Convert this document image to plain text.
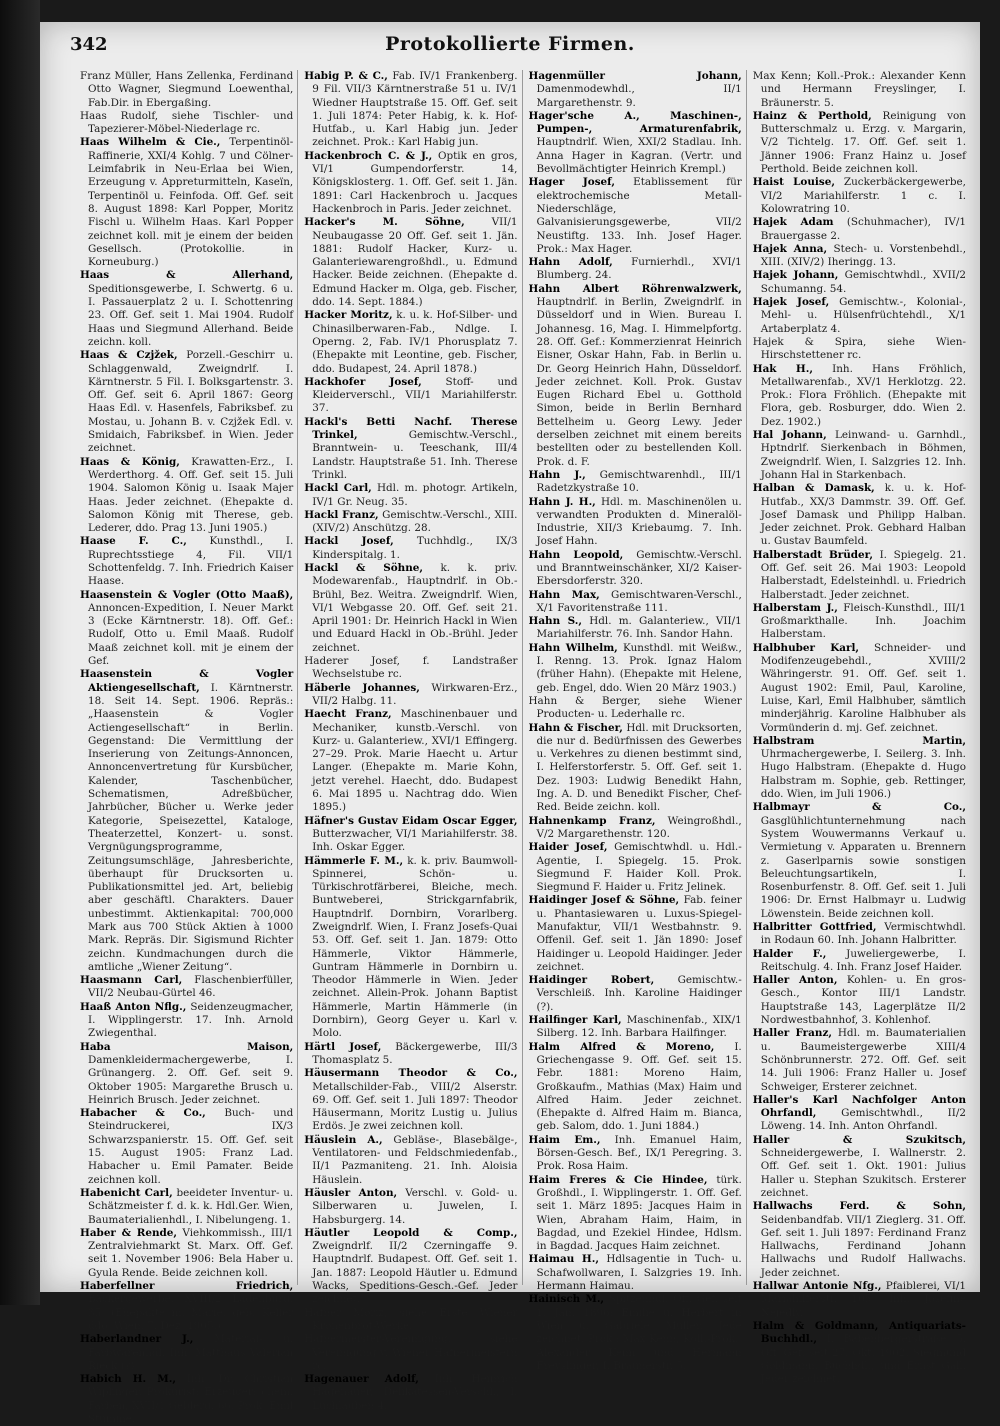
342	Protokollierte Firmen.

Franz Müller, Hans Zellenka, Ferdinand Otto Wagner, Siegmund Loewenthal, Fab.Dir. in Ebergaßing.

Haas Rudolf, siehe Tischler- und Tapezierer-Möbel-Niederlage rc.

Haas Wilhelm & Cie., Terpentinöl-Raffinerie, XXI/4 Kohlg. 7 und Cölner-Leimfabrik in Neu-Erlaa bei Wien, Erzeugung v. Appreturmitteln, Kaseïn, Terpentinöl u. Feinfoda. Off. Gef. seit 8. August 1898: Karl Popper, Moritz Fischl u. Wilhelm Haas. Karl Popper zeichnet koll. mit je einem der beiden Gesellsch. (Protokollie. in Korneuburg.)

Haas & Allerhand, Speditionsgewerbe, I. Schwertg. 6 u. I. Passauerplatz 2 u. I. Schottenring 23. Off. Gef. seit 1. Mai 1904. Rudolf Haas und Siegmund Allerhand. Beide zeichn. koll.

Haas & Czjžek, Porzell.-Geschirr u. Schlaggenwald, Zweigndrlf. I. Kärntnerstr. 5 Fil. I. Bolksgartenstr. 3. Off. Gef. seit 6. April 1867: Georg Haas Edl. v. Hasenfels, Fabriksbef. zu Mostau, u. Johann B. v. Czjžek Edl. v. Smidaich, Fabriksbef. in Wien. Jeder zeichnet.

Haas & König, Krawatten-Erz., I. Werderthorg. 4. Off. Gef. seit 15. Juli 1904. Salomon König u. Isaak Majer Haas. Jeder zeichnet. (Ehepakte d. Salomon König mit Therese, geb. Lederer, ddo. Prag 13. Juni 1905.)

Haase F. C., Kunsthdl., I. Ruprechtsstiege 4, Fil. VII/1 Schottenfeldg. 7. Inh. Friedrich Kaiser Haase.

Haasenstein & Vogler (Otto Maaß), Annoncen-Expedition, I. Neuer Markt 3 (Ecke Kärntnerstr. 18). Off. Gef.: Rudolf, Otto u. Emil Maaß. Rudolf Maaß zeichnet koll. mit je einem der Gef.

Haasenstein & Vogler Aktiengesellschaft, I. Kärntnerstr. 18. Seit 14. Sept. 1906. Repräs.: „Haasenstein & Vogler Actiengesellschaft“ in Berlin. Gegenstand: Die Vermittlung der Inserierung von Zeitungs-Annoncen, Annoncenvertretung für Kursbücher, Kalender, Taschenbücher, Schematismen, Adreßbücher, Jahrbücher, Bücher u. Werke jeder Kategorie, Speisezettel, Kataloge, Theaterzettel, Konzert- u. sonst. Vergnügungsprogramme, Zeitungsumschläge, Jahresberichte, überhaupt für Drucksorten u. Publikationsmittel jed. Art, beliebig aber geschäftl. Charakters. Dauer unbestimmt. Aktienkapital: 700,000 Mark aus 700 Stück Aktien à 1000 Mark. Repräs. Dir. Sigismund Richter zeichn. Kundmachungen durch die amtliche „Wiener Zeitung“.

Haasmann Carl, Flaschenbierfüller, VII/2 Neubau-Gürtel 46.

Haaß Anton Nflg., Seidenzeugmacher, I. Wipplingerstr. 17. Inh. Arnold Zwiegenthal.

Haba Maison, Damenkleidermachergewerbe, I. Grünangerg. 2. Off. Gef. seit 9. Oktober 1905: Margarethe Brusch u. Heinrich Brusch. Jeder zeichnet.

Habacher & Co., Buch- und Steindruckerei, IX/3 Schwarzspanierstr. 15. Off. Gef. seit 15. August 1905: Franz Lad. Habacher u. Emil Pamater. Beide zeichnen koll.

Habenicht Carl, beeideter Inventur- u. Schätzmeister f. d. k. k. Hdl.Ger. Wien, Baumaterialienhdl., I. Nibelungeng. 1.

Haber & Rende, Viehkommissh., III/1 Zentralviehmarkt St. Marx. Off. Gef. seit 1. November 1906: Bela Haber u. Gyula Rende. Beide zeichnen koll.

Haberfellner Friedrich, Bäckergewerbe, XVIII/2 Ladenburg. 35. (Ehepakte m. Marie, geb. Keller ddo. Wien, 7. Dez. 1905.)

Haberlandner J., Material- u. Farbwarenhdl. Inh. Matthäus Valerian Rieck (?).

Habich H. M., Inh. Dr. Christian Wiplinger, Prokurist: Erzeuger: chem. Farben, XVII/1 Geblerg. 66. Prok. Emil Stumme.

Habig P. & C., Fab. IV/1 Frankenberg. 9 Fil. VII/3 Kärntnerstraße 51 u. IV/1 Wiedner Hauptstraße 15. Off. Gef. seit 1. Juli 1874: Peter Habig, k. k. Hof-Hutfab., u. Karl Habig jun. Jeder zeichnet. Prok.: Karl Habig jun.

Hackenbroch C. & J., Optik en gros, VI/1 Gumpendorferstr. 14, Königsklosterg. 1. Off. Gef. seit 1. Jän. 1891: Carl Hackenbroch u. Jacques Hackenbroch in Paris. Jeder zeichnet.

Hacker's M. Söhne,	VII/1 Neubaugasse 20 Off. Gef. seit 1. Jän. 1881: Rudolf Hacker, Kurz- u. Galanteriewarengroßhdl., u. Edmund Hacker. Beide zeichnen. (Ehepakte d. Edmund Hacker m. Olga, geb. Fischer, ddo. 14. Sept. 1884.)

Hacker Moritz, k. u. k. Hof-Silber- und Chinasilberwaren-Fab., Ndlge. I. Operng. 2, Fab. IV/1 Phorusplatz 7. (Ehepakte mit Leontine, geb. Fischer, ddo. Budapest, 24. April 1878.)

Hackhofer Josef, Stoff- und Kleiderverschl., VII/1 Mariahilferstr. 37.

Hackl's Betti Nachf. Therese Trinkel,	Gemischtw.-Verschl., Branntwein- u. Teeschank, III/4 Landstr. Hauptstraße 51. Inh. Therese Trinkl.

Hackl Carl, Hdl. m. photogr. Artikeln, IV/1 Gr. Neug. 35.

Hackl Franz, Gemischtw.-Verschl., XIII. (XIV/2) Anschützg. 28.

Hackl Josef, Tuchhdlg., IX/3 Kinderspitalg. 1.

Hackl & Söhne, k. k. priv. Modewarenfab., Hauptndrlf. in Ob.-Brühl, Bez. Weitra. Zweigndrlf. Wien, VI/1 Webgasse 20. Off. Gef. seit 21. April 1901: Dr. Heinrich Hackl in Wien und Eduard Hackl in Ob.-Brühl. Jeder zeichnet.

Haderer Josef, f. Landstraßer Wechselstube rc.

Häberle Johannes, Wirkwaren-Erz., VII/2 Halbg. 11.

Haecht Franz, Maschinenbauer und Mechaniker, kunstb.-Verschl. von Kurz- u. Galanteriew., XVI/1 Effingerg. 27–29. Prok. Marie Haecht u. Artur Langer. (Ehepakte m. Marie Kohn, jetzt verehel. Haecht, ddo. Budapest 6. Mai 1895 u. Nachtrag ddo. Wien 1895.)

Häfner's Gustav Eidam Oscar Egger, Butterzwacher, VI/1 Mariahilferstr. 38. Inh. Oskar Egger.

Hämmerle F. M., k. k. priv. Baumwoll-Spinnerei, Schön- u. Türkischrotfärberei, Bleiche, mech. Buntweberei, Strickgarnfabrik, Hauptndrlf. Dornbirn, Vorarlberg. Zweigndrlf. Wien, I. Franz Josefs-Quai 53. Off. Gef. seit 1. Jan. 1879: Otto Hämmerle, Viktor Hämmerle, Guntram Hämmerle in Dornbirn u. Theodor Hämmerle in Wien. Jeder zeichnet. Allein-Prok. Johann Baptist Hämmerle, Martin Hämmerle (in Dornbirn), Georg Geyer u. Karl v. Molo.

Härtl Josef, Bäckergewerbe, III/3 Thomasplatz 5.

Häusermann Theodor & Co., Metallschilder-Fab., VIII/2 Alserstr. 69. Off. Gef. seit 1. Juli 1897: Theodor Häusermann, Moritz Lustig u. Julius Erdös. Je zwei zeichnen koll.

Häuslein A., Gebläse-, Blasebälge-, Ventilatoren- und Feldschmiedenfab., II/1 Pazmaniteng. 21. Inh. Aloisia Häuslein.

Häusler Anton, Verschl. v. Gold- u. Silberwaren u. Juwelen, I. Habsburgerg. 14.

Häutler Leopold & Comp., Zweigndrlf. II/2 Czerningaffe 9. Hauptndrlf. Budapest. Off. Gef. seit 1. Jan. 1887: Leopold Häutler u. Edmund Wacks, Speditions-Gesch.-Gef. Jeder zeichnet.

Hafner Moriz, siehe Erste Wiener Kronenbrot-Werke.

Hafnermeister-Vereinigung, siehe Vereinigung v. Wiener Hafnermeistern rc.

Hagenauer Adolf, Inh. Heinrich Hagenauer, Delikatessen-Verschl., I. Luchlauben 4.

Hagenmüller Johann, Damenmodewhdl., II/1 Margarethenstr. 9.

Hager'sche A., Maschinen-, Pumpen-, Armaturenfabrik, Hauptndrlf. Wien, XXI/2 Stadlau. Inh. Anna Hager in Kagran. (Vertr. und Bevollmächtigter Heinrich Krempl.)

Hager Josef, Etablissement für elektrochemische Metall-Niederschläge, Galvanisierungsgewerbe, VII/2 Neustiftg. 133. Inh. Josef Hager. Prok.: Max Hager.

Hahn Adolf, Furnierhdl., XVI/1 Blumberg. 24.

Hahn Albert Röhrenwalzwerk, Hauptndrlf. in Berlin, Zweigndrlf. in Düsseldorf und in Wien. Bureau I. Johannesg. 16, Mag. I. Himmelpfortg. 28. Off. Gef.: Kommerzienrat Heinrich Eisner, Oskar Hahn, Fab. in Berlin u. Dr. Georg Heinrich Hahn, Düsseldorf. Jeder zeichnet. Koll. Prok. Gustav Eugen Richard Ebel u. Gotthold Simon, beide in Berlin Bernhard Bettelheim u. Georg Lewy. Jeder derselben zeichnet mit einem bereits bestellten oder zu bestellenden Koll. Prok. d. F.

Hahn J., Gemischtwarenhdl., III/1 Radetzkystraße 10.

Hahn J. H., Hdl. m. Maschinenölen u. verwandten Produkten d. Mineralöl-Industrie, XII/3 Kriebaumg. 7. Inh. Josef Hahn.

Hahn Leopold, Gemischtw.-Verschl. und Branntweinschänker, XI/2 Kaiser-Ebersdorferstr. 320.

Hahn Max, Gemischtwaren-Verschl., X/1 Favoritenstraße 111.

Hahn S., Hdl. m. Galanteriew., VII/1 Mariahilferstr. 76. Inh. Sandor Hahn.

Hahn Wilhelm, Kunsthdl. mit Weißw., I. Renng. 13. Prok. Ignaz Halom (früher Hahn). (Ehepakte mit Helene, geb. Engel, ddo. Wien 20 März 1903.)

Hahn & Berger, siehe Wiener Producten- u. Lederhalle rc.

Hahn & Fischer, Hdl. mit Drucksorten, die nur d. Bedürfnissen des Gewerbes u. Verkehres zu dienen bestimmt sind, I. Helferstorferstr. 5. Off. Gef. seit 1. Dez. 1903: Ludwig Benedikt Hahn, Ing. A. D. und Benedikt Fischer, Chef-Red. Beide zeichn. koll.

Hahnenkamp Franz, Weingroßhdl., V/2 Margarethenstr. 120.

Haider Josef, Gemischtwhdl. u. Hdl.-Agentie, I. Spiegelg. 15. Prok. Siegmund F. Haider Koll. Prok. Siegmund F. Haider u. Fritz Jelinek.

Haidinger Josef & Söhne, Fab. feiner u. Phantasiewaren u. Luxus-Spiegel-Manufaktur, VII/1 Westbahnstr. 9. Offenil. Gef. seit 1. Jän 1890: Josef Haidinger u. Leopold Haidinger. Jeder zeichnet.

Haidinger Robert, Gemischtw.-Verschleiß. Inh. Karoline Haidinger (?).

Hailfinger Karl, Maschinenfab., XIX/1 Silberg. 12. Inh. Barbara Hailfinger.

Halm Alfred & Moreno, I. Griechengasse 9. Off. Gef. seit 15. Febr. 1881: Moreno Haim, Großkaufm., Mathias (Max) Haim und Alfred Haim. Jeder zeichnet. (Ehepakte d. Alfred Haim m. Bianca, geb. Salom, ddo. 1. Juni 1884.)

Haim Em., Inh. Emanuel Haim, Börsen-Gesch. Bef., IX/1 Peregring. 3. Prok. Rosa Haim.

Haim Freres & Cie Hindee, türk. Großhdl., I. Wipplingerstr. 1. Off. Gef. seit 1. März 1895: Jacques Haim in Wien, Abraham Haim, Haim, in Bagdad, und Ezekiel Hindee, Hdlsm. in Bagdad. Jacques Haim zeichnet.

Haimau H., Hdlsagentie in Tuch- u. Schafwollwaren, I. Salzgries 19. Inh. Hermann Haimau.

Hainisch M., Spitzenhdl. Off. Gef. seit 1. Jän. 1896: Emilie u. Herbert in Wien u. Gabriele Müller. Jede zeichnet. Prok.: Max Kenn; Koll.-Prok.: Alexander Kenn und Hermann Freyslinger, I. Bräunerstr. 5.

Max Kenn; Koll.-Prok.: Alexander Kenn und Hermann Freyslinger, I. Bräunerstr. 5.

Hainz & Perthold, Reinigung von Butterschmalz u. Erzg. v. Margarin, V/2 Tichtelg. 17. Off. Gef. seit 1. Jänner 1906: Franz Hainz u. Josef Perthold. Beide zeichnen koll.

Haist Louise, Zuckerbäckergewerbe, VI/2 Mariahilferstr. 1 c. I. Kolowratring 10.

Hajek Adam (Schuhmacher), IV/1 Brauergasse 2.

Hajek Anna, Stech- u. Vorstenbehdl., XIII. (XIV/2) Iheringg. 13.

Hajek Johann, Gemischtwhdl., XVII/2 Schumanng. 54.

Hajek Josef, Gemischtw.-, Kolonial-, Mehl- u. Hülsenfrüchtehdl., X/1 Artaberplatz 4.

Hajek & Spira, siehe Wien-Hirschstettener rc.

Hak H., Inh. Hans Fröhlich, Metallwarenfab., XV/1 Herklotzg. 22. Prok.: Flora Fröhlich. (Ehepakte mit Flora, geb. Rosburger, ddo. Wien 2. Dez. 1902.)

Hal Johann, Leinwand- u. Garnhdl., Hptndrlf. Sierkenbach in Böhmen, Zweigndrlf. Wien, I. Salzgries 12. Inh. Johann Hal in Starkenbach.

Halban & Damask, k. u. k. Hof-Hutfab., XX/3 Dammstr. 39. Off. Gef. Josef Damask und Philipp Halban. Jeder zeichnet. Prok. Gebhard Halban u. Gustav Baumfeld.

Halberstadt Brüder, I. Spiegelg. 21. Off. Gef. seit 26. Mai 1903: Leopold Halberstadt, Edelsteinhdl. u. Friedrich Halberstadt. Jeder zeichnet.

Halberstam J., Fleisch-Kunsthdl., III/1 Großmarkthalle. Inh. Joachim Halberstam.

Halbhuber Karl, Schneider- und Modifenzeugebehdl., XVIII/2 Währingerstr. 91. Off. Gef. seit 1. August 1902: Emil, Paul, Karoline, Luise, Karl, Emil Halbhuber, sämtlich minderjährig. Karoline Halbhuber als Vormünderin d. mj. Gef. zeichnet.

Halbstram Martin, Uhrmachergewerbe, I. Seilerg. 3. Inh. Hugo Halbstram. (Ehepakte d. Hugo Halbstram m. Sophie, geb. Rettinger, ddo. Wien, im Juli 1906.)

Halbmayr & Co., Gasglühlichtunternehmung nach System Wouwermanns Verkauf u. Vermietung v. Apparaten u. Brennern z. Gaserlparnis sowie sonstigen Beleuchtungsartikeln, I. Rosenburfenstr. 8. Off. Gef. seit 1. Juli 1906: Dr. Ernst Halbmayr u. Ludwig Löwenstein. Beide zeichnen koll.

Halbritter Gottfried, Vermischtwhdl. in Rodaun 60. Inh. Johann Halbritter.

Halder F., Juweliergewerbe, I. Reitschulg. 4. Inh. Franz Josef Haider.

Haller Anton, Kohlen- u. En gros-Gesch., Kontor III/1 Landstr. Hauptstraße 143, Lagerplätze II/2 Nordwestbahnhof, 3. Kohlenhof.

Haller Franz, Hdl. m. Baumaterialien u. Baumeistergewerbe XIII/4 Schönbrunnerstr. 272. Off. Gef. seit 14. Juli 1906: Franz Haller u. Josef Schweiger, Ersterer zeichnet.

Haller's Karl Nachfolger Anton Ohrfandl, Gemischtwhdl., II/2 Löweng. 14. Inh. Anton Ohrfandl.

Haller & Szukitsch, Schneidergewerbe, I. Wallnerstr. 2. Off. Gef. seit 1. Okt. 1901: Julius Haller u. Stephan Szukitsch. Ersterer zeichnet.

Hallwachs Ferd. & Sohn, Seidenbandfab. VII/1 Zieglerg. 31. Off. Gef. seit 1. Juli 1897: Ferdinand Franz Hallwachs, Ferdinand Johann Hallwachs und Rudolf Hallwachs. Jeder zeichnet.

Hallwar Antonie Nfg., Pfaiblerei, VI/1 Mariahilferstr. 105. Inh. Josefine Nejedly.

Halm & Goldmann, Antiquariats-Buchhdl., I. Babenbergerstraße 5. Off. Gef. seit 27. Okt. 1902: Siegmund Goldmann, Buchhdl., und Ernst Gall. Jeder zeichnet.
